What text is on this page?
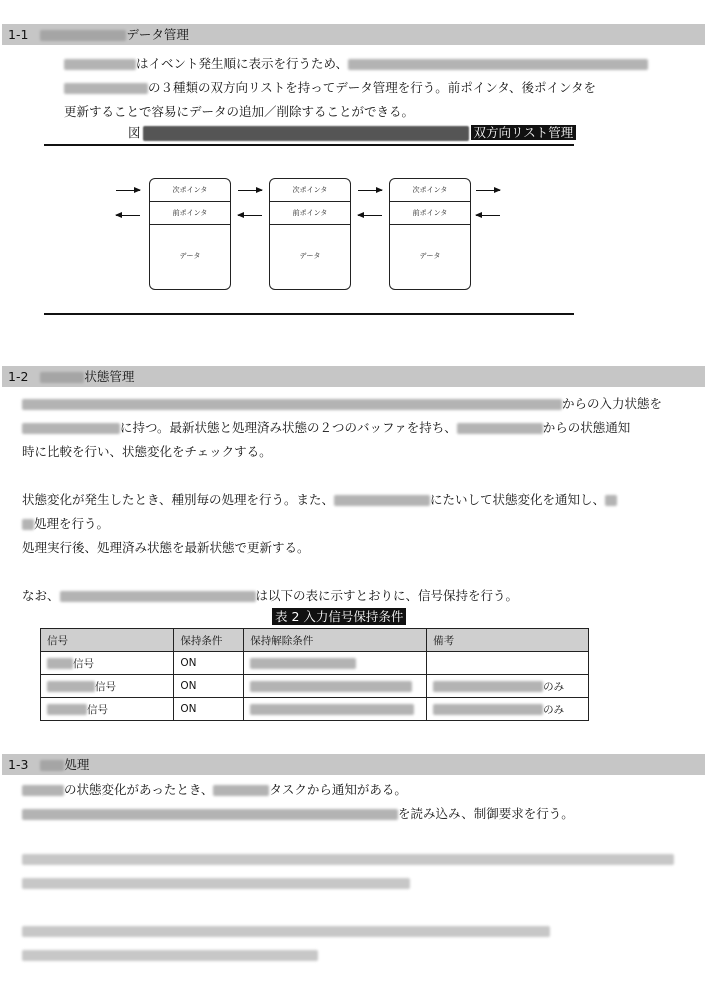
1-1	データ管理
はイベント発生順に表示を行うため、
の３種類の双方向リストを持ってデータ管理を行う。前ポインタ、後ポインタを
更新することで容易にデータの追加／削除することができる。
図	双方向リスト管理
次ポインタ
前ポインタ
データ
次ポインタ
前ポインタ
データ
次ポインタ
前ポインタ
データ
1-2	状態管理
からの入力状態を
に持つ。最新状態と処理済み状態の２つのバッファを持ち、	からの状態通知
時に比較を行い、状態変化をチェックする。
状態変化が発生したとき、種別毎の処理を行う。また、	にたいして状態変化を通知し、
処理を行う。
処理実行後、処理済み状態を最新状態で更新する。
なお、	は以下の表に示すとおりに、信号保持を行う。
表 2 入力信号保持条件
信号	保持条件	保持解除条件	備考
信号	ON		
信号	ON		のみ
信号	ON		のみ
1-3	処理
の状態変化があったとき、	タスクから通知がある。
を読み込み、制御要求を行う。
